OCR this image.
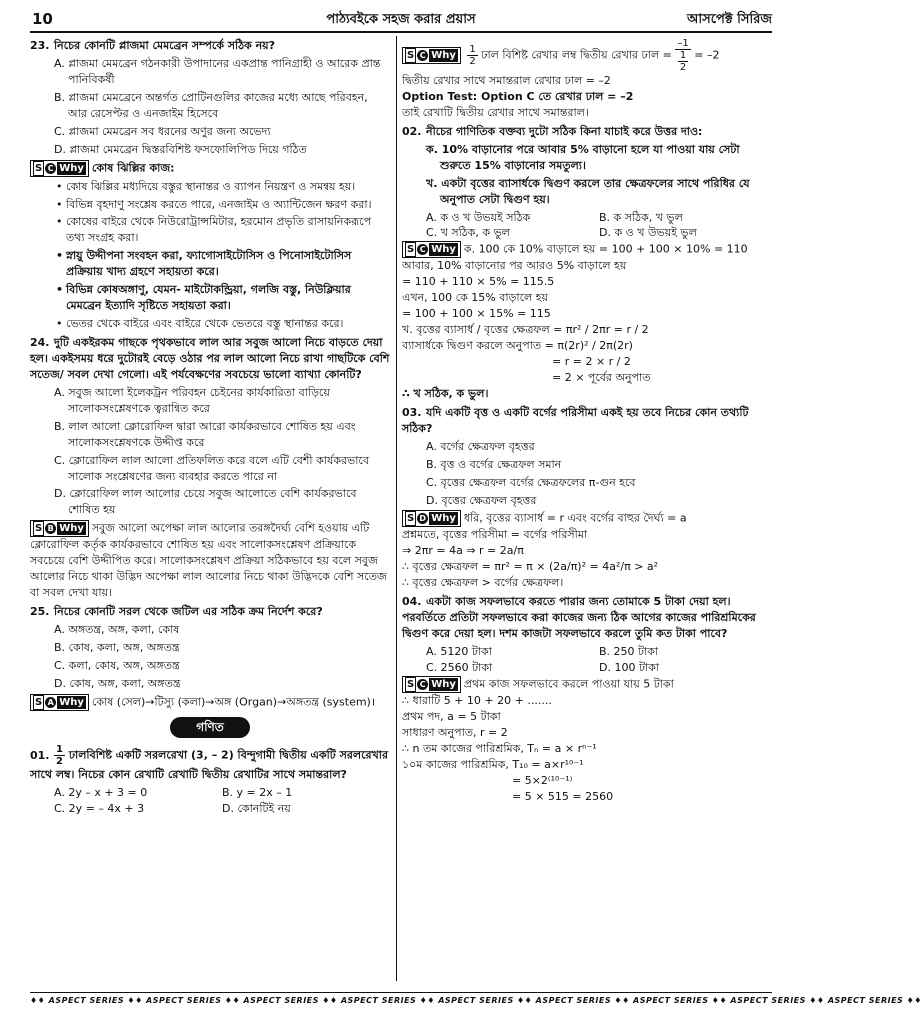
10	পাঠ্যবইকে সহজ করার প্রয়াস	আসপেক্ট সিরিজ
23. নিচের কোনটি প্লাজমা মেমব্রেন সম্পর্কে সঠিক নয়?
A. প্লাজমা মেমব্রেন গঠনকারী উপাদানের একপ্রান্ত পানিগ্রাহী ও আরেক প্রান্ত পানিবিকর্ষী
B. প্লাজমা মেমব্রেনে অন্তর্গত প্রোটিনগুলির কাজের মধ্যে আছে পরিবহন, আর রেসেপ্টর ও এনজাইম হিসেবে
C. প্লাজমা মেমব্রেন সব ধরনের অণুর জন্য অভেদ্য
D. প্লাজমা মেমব্রেন দ্বিস্তরবিশিষ্ট ফসফোলিপিড দিয়ে গঠিত
S C Why কোষ ঝিল্লির কাজ:
• কোষ ঝিল্লির মধ্যদিয়ে বস্তুর স্থানান্তর ও ব্যাপন নিয়ন্ত্রণ ও সমন্বয় হয়।
• বিভিন্ন বৃহদাণু সংশ্লেষ করতে পারে, এনজাইম ও অ্যান্টিজেন ক্ষরণ করা।
• কোষের বাইরে থেকে নিউরোট্রান্সমিটার, হরমোন প্রভৃতি রাসায়নিকরূপে তথ্য সংগ্রহ করা।
• স্নায়ু উদ্দীপনা সংবহন করা, ফ্যাগোসাইটোসিস ও পিনোসাইটোসিস প্রক্রিয়ায় খাদ্য গ্রহণে সহায়তা করে।
• বিভিন্ন কোষঅঙ্গাণু, যেমন- মাইটোকন্ড্রিয়া, গলজি বস্তু, নিউক্লিয়ার মেমব্রেন ইত্যাদি সৃষ্টিতে সহায়তা করা।
• ভেতর থেকে বাইরে এবং বাইরে থেকে ভেতরে বস্তু স্থানান্তর করে।
24. দুটি একইরকম গাছকে পৃথকভাবে লাল আর সবুজ আলো নিচে বাড়তে দেয়া হল। একইসময় ধরে দুটোরই বেড়ে ওঠার পর লাল আলো নিচে রাখা গাছটিকে বেশি সতেজ/ সবল দেখা গেলো। এই পর্যবেক্ষণের সবচেয়ে ভালো ব্যাখ্যা কোনটি?
A. সবুজ আলো ইলেকট্রন পরিবহন চেইনের কার্যকারিতা বাড়িয়ে সালোকসংশ্লেষণকে ত্বরান্বিত করে
B. লাল আলো ক্লোরোফিল দ্বারা আরো কার্যকরভাবে শোষিত হয় এবং সালোকসংশ্লেষণকে উদ্দীপ্ত করে
C. ক্লোরোফিল লাল আলো প্রতিফলিত করে বলে এটি বেশী কার্যকরভাবে সালোক সংশ্লেষণের জন্য ব্যবহার করতে পারে না
D. ক্লোরোফিল লাল আলোর চেয়ে সবুজ আলোতে বেশি কার্যকরভাবে শোষিত হয়
S B Why সবুজ আলো অপেক্ষা লাল আলোর তরঙ্গদৈর্ঘ্য বেশি হওয়ায় এটি ক্লোরোফিল কর্তৃক কার্যকরভাবে শোষিত হয় এবং সালোকসংশ্লেষণ প্রক্রিয়াকে সবচেয়ে বেশি উদ্দীপিত করে। সালোকসংশ্লেষণ প্রক্রিয়া সঠিকভাবে হয় বলে সবুজ আলোর নিচে থাকা উদ্ভিদ অপেক্ষা লাল আলোর নিচে থাকা উদ্ভিদকে বেশি সতেজ বা সবল দেখা যায়।
25. নিচের কোনটি সরল থেকে জটিল এর সঠিক ক্রম নির্দেশ করে?
A. অঙ্গতন্ত্র, অঙ্গ, কলা, কোষ
B. কোষ, কলা, অঙ্গ, অঙ্গতন্ত্র
C. কলা, কোষ, অঙ্গ, অঙ্গতন্ত্র
D. কোষ, অঙ্গ, কলা, অঙ্গতন্ত্র
S A Why কোষ (সেল)→টিস্যু (কলা)→অঙ্গ (Organ)→অঙ্গতন্ত্র (system)।
গণিত
01. $\frac{1}{2}$ ঢালবিশিষ্ট একটি সরলরেখা (3, – 2) বিন্দুগামী দ্বিতীয় একটি সরলরেখার সাথে লম্ব। নিচের কোন রেখাটি রেখাটি দ্বিতীয় রেখাটির সাথে সমান্তরাল?
A. 2y – x + 3 = 0	B. y = 2x – 1
C. 2y = – 4x + 3	D. কোনটিই নয়
S C Why
$\frac{1}{2}$ ঢাল বিশিষ্ট রেখার লম্ব দ্বিতীয় রেখার ঢাল = $\frac{-1}{\frac{1}{2}} = -2$
দ্বিতীয় রেখার সাথে সমান্তরাল রেখার ঢাল = –2
Option Test: Option C তে রেখার ঢাল = –2
তাই রেখাটি দ্বিতীয় রেখার সাথে সমান্তরাল।
02. নীচের গাণিতিক বক্তব্য দুটো সঠিক কিনা যাচাই করে উত্তর দাও:
ক. 10% বাড়ানোর পরে আবার 5% বাড়ানো হলে যা পাওয়া যায় সেটা শুরুতে 15% বাড়ানোর সমতুল্য।
খ. একটা বৃত্তের ব্যাসার্ধকে দ্বিগুণ করলে তার ক্ষেত্রফলের সাথে পরিধির যে অনুপাত সেটা দ্বিগুণ হয়।
A. ক ও খ উভয়ই সঠিক	B. ক সঠিক, খ ভুল
C. খ সঠিক, ক ভুল	D. ক ও খ উভয়ই ভুল
S C Why ক. 100 কে 10% বাড়ালে হয় = 100 + 100 × 10% = 110
আবার, 10% বাড়ানোর পর আরও 5% বাড়ালে হয়
= 110 + 110 × 5% = 115.5
এখন, 100 কে 15% বাড়ালে হয়
= 100 + 100 × 15% = 115
খ. বৃত্তের ব্যাসার্ধ / বৃত্তের ক্ষেত্রফল = πr² / 2πr = r / 2
ব্যাসার্ধকে দ্বিগুণ করলে অনুপাত = π(2r)² / 2π(2r)
= r = 2 × r / 2
= 2 × পূর্বের অনুপাত
∴ খ সঠিক, ক ভুল।
03. যদি একটি বৃত্ত ও একটি বর্গের পরিসীমা একই হয় তবে নিচের কোন তথ্যটি সঠিক?
A. বর্গের ক্ষেত্রফল বৃহত্তর
B. বৃত্ত ও বর্গের ক্ষেত্রফল সমান
C. বৃত্তের ক্ষেত্রফল বর্গের ক্ষেত্রফলের π-গুন হবে
D. বৃত্তের ক্ষেত্রফল বৃহত্তর
S D Why ধরি, বৃত্তের ব্যাসার্ধ = r এবং বর্গের বাহুর দৈর্ঘ্য = a
প্রশ্নমতে, বৃত্তের পরিসীমা = বর্গের পরিসীমা
⇒ 2πr = 4a ⇒ r = 2a/π
∴ বৃত্তের ক্ষেত্রফল = πr² = π × (2a/π)² = 4a²/π > a²
∴ বৃত্তের ক্ষেত্রফল > বর্গের ক্ষেত্রফল।
04. একটা কাজ সফলভাবে করতে পারার জন্য তোমাকে 5 টাকা দেয়া হল। পরবর্তিতে প্রতিটা সফলভাবে করা কাজের জন্য ঠিক আগের কাজের পারিশ্রমিকের দ্বিগুণ করে দেয়া হল। দশম কাজটা সফলভাবে করলে তুমি কত টাকা পাবে?
A. 5120 টাকা	B. 250 টাকা
C. 2560 টাকা	D. 100 টাকা
S C Why প্রথম কাজ সফলভাবে করলে পাওয়া যায় 5 টাকা
∴ ধারাটি 5 + 10 + 20 + .......
প্রথম পদ, a = 5 টাকা
সাধারণ অনুপাত, r = 2
∴ n তম কাজের পারিশ্রমিক, Tₙ = a × rⁿ⁻¹
১০ম কাজের পারিশ্রমিক, T₁₀ = a×r¹⁰⁻¹
= 5×2⁽¹⁰⁻¹⁾
= 5 × 515 = 2560
♦♦ ASPECT SERIES ♦♦ ASPECT SERIES ♦♦ ASPECT SERIES ♦♦ ASPECT SERIES ♦♦ ASPECT SERIES ♦♦ ASPECT SERIES ♦♦ ASPECT SERIES ♦♦ ASPECT SERIES ♦♦ ASPECT SERIES ♦♦
